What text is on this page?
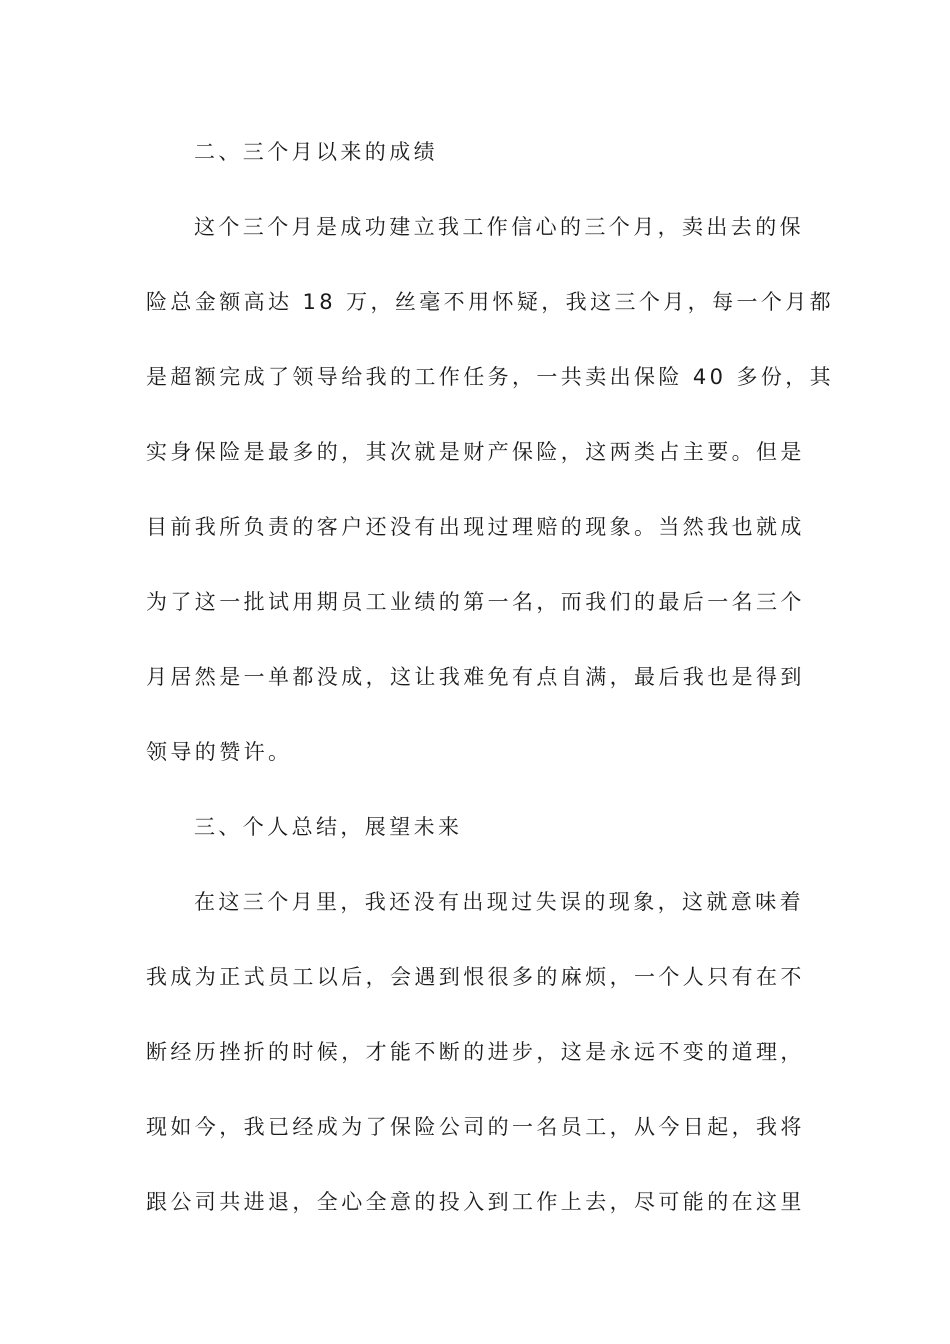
二、三个月以来的成绩
这个三个月是成功建立我工作信心的三个月，卖出去的保
险总金额高达 18 万，丝毫不用怀疑，我这三个月，每一个月都
是超额完成了领导给我的工作任务，一共卖出保险 40 多份，其
实身保险是最多的，其次就是财产保险，这两类占主要。但是
目前我所负责的客户还没有出现过理赔的现象。当然我也就成
为了这一批试用期员工业绩的第一名，而我们的最后一名三个
月居然是一单都没成，这让我难免有点自满，最后我也是得到
领导的赞许。
三、个人总结，展望未来
在这三个月里，我还没有出现过失误的现象，这就意味着
我成为正式员工以后，会遇到恨很多的麻烦，一个人只有在不
断经历挫折的时候，才能不断的进步，这是永远不变的道理，
现如今，我已经成为了保险公司的一名员工，从今日起，我将
跟公司共进退，全心全意的投入到工作上去，尽可能的在这里
